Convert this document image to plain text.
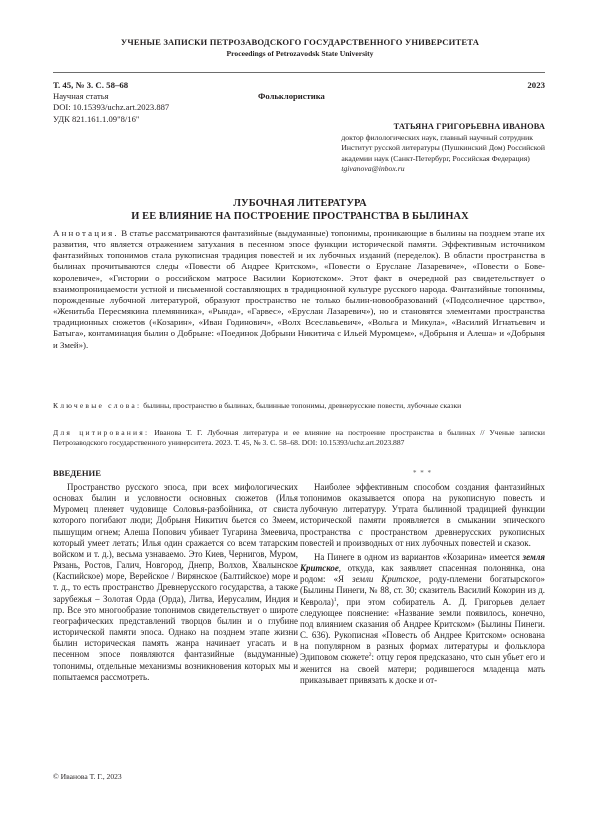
УЧЕНЫЕ ЗАПИСКИ ПЕТРОЗАВОДСКОГО ГОСУДАРСТВЕННОГО УНИВЕРСИТЕТА
Proceedings of Petrozavodsk State University
Т. 45, № 3. С. 58–68	2023
Научная статья	Фольклористика
DOI: 10.15393/uchz.art.2023.887
УДК 821.161.1.09"8/16"
ТАТЬЯНА ГРИГОРЬЕВНА ИВАНОВА
доктор филологических наук, главный научный сотрудник
Институт русской литературы (Пушкинский Дом) Российской
академии наук (Санкт-Петербург, Российская Федерация)
tgivanova@inbox.ru
ЛУБОЧНАЯ ЛИТЕРАТУРА
И ЕЕ ВЛИЯНИЕ НА ПОСТРОЕНИЕ ПРОСТРАНСТВА В БЫЛИНАХ
Аннотация. В статье рассматриваются фантазийные (выдуманные) топонимы, проникающие в былины на позднем этапе их развития, что является отражением затухания в песенном эпосе функции исторической памяти. Эффективным источником фантазийных топонимов стала рукописная традиция повестей и их лубочных изданий (переделок). В области пространства в былинах прочитываются следы «Повести об Андрее Критском», «Повести о Еруслане Лазаревиче», «Повести о Бове-королевиче», «Гистории о российском матросе Василии Кориотском». Этот факт в очередной раз свидетельствует о взаимопроницаемости устной и письменной составляющих в традиционной культуре русского народа. Фантазийные топонимы, порожденные лубочной литературой, образуют пространство не только былин-новообразований («Подсолнечное царство», «Женитьба Пересмякина племянника», «Рында», «Гарвес», «Еруслан Лазаревич»), но и становятся элементами пространства традиционных сюжетов («Козарин», «Иван Годинович», «Волх Всеславьевич», «Вольга и Микула», «Василий Игнатьевич и Батыга», контаминация былин о Добрыне: «Поединок Добрыни Никитича с Ильей Муромцем», «Добрыня и Алеша» и «Добрыня и Змей»).
Ключевые слова: былины, пространство в былинах, былинные топонимы, древнерусские повести, лубочные сказки
Для цитирования: Иванова Т. Г. Лубочная литература и ее влияние на построение пространства в былинах // Ученые записки Петрозаводского государственного университета. 2023. Т. 45, № 3. С. 58–68. DOI: 10.15393/uchz.art.2023.887
ВВЕДЕНИЕ

Пространство русского эпоса, при всех мифологических основах былин и условности основных сюжетов (Илья Муромец пленяет чудовище Соловья-разбойника, от свиста которого погибают люди; Добрыня Никитич бьется со Змеем, пышущим огнем; Алеша Попович убивает Тугарина Змеевича, который умеет летать; Илья один сражается со всем татарским войском и т. д.), весьма узнаваемо. Это Киев, Чернигов, Муром, Рязань, Ростов, Галич, Новгород, Днепр, Волхов, Хвалынское (Каспийское) море, Верейское / Вирянское (Балтийское) море и т. д., то есть пространство Древнерусского государства, а также зарубежья – Золотая Орда (Орда), Литва, Иерусалим, Индия и пр. Все это многообразие топонимов свидетельствует о широте географических представлений творцов былин и о глубине исторической памяти эпоса. Однако на позднем этапе жизни былин историческая память жанра начинает угасать и в песенном эпосе появляются фантазийные (выдуманные) топонимы, отдельные механизмы возникновения которых мы и попытаемся рассмотреть.

* * *

Наиболее эффективным способом создания фантазийных топонимов оказывается опора на рукописную повесть и лубочную литературу. Утрата былинной традицией функции исторической памяти проявляется в смыкании эпического пространства с пространством древнерусских рукописных повестей и производных от них лубочных повестей и сказок.

На Пинеге в одном из вариантов «Козарина» имеется земля Критское, откуда, как заявляет спасенная полонянка, она родом: «Я земли Критское, роду-племени богатырского» (Былины Пинеги, № 88, ст. 30; сказитель Василий Кокорин из д. Кеврола)$^1$, при этом собиратель А. Д. Григорьев делает следующее пояснение: «Название земли появилось, конечно, под влиянием сказания об Андрее Критском» (Былины Пинеги. С. 636). Рукописная «Повесть об Андрее Критском» основана на популярном в разных формах литературы и фольклора Эдиповом сюжете$^2$: отцу героя предсказано, что сын убьет его и женится на своей матери; родившегося младенца мать приказывает привязать к доске и от-

© Иванова Т. Г., 2023
